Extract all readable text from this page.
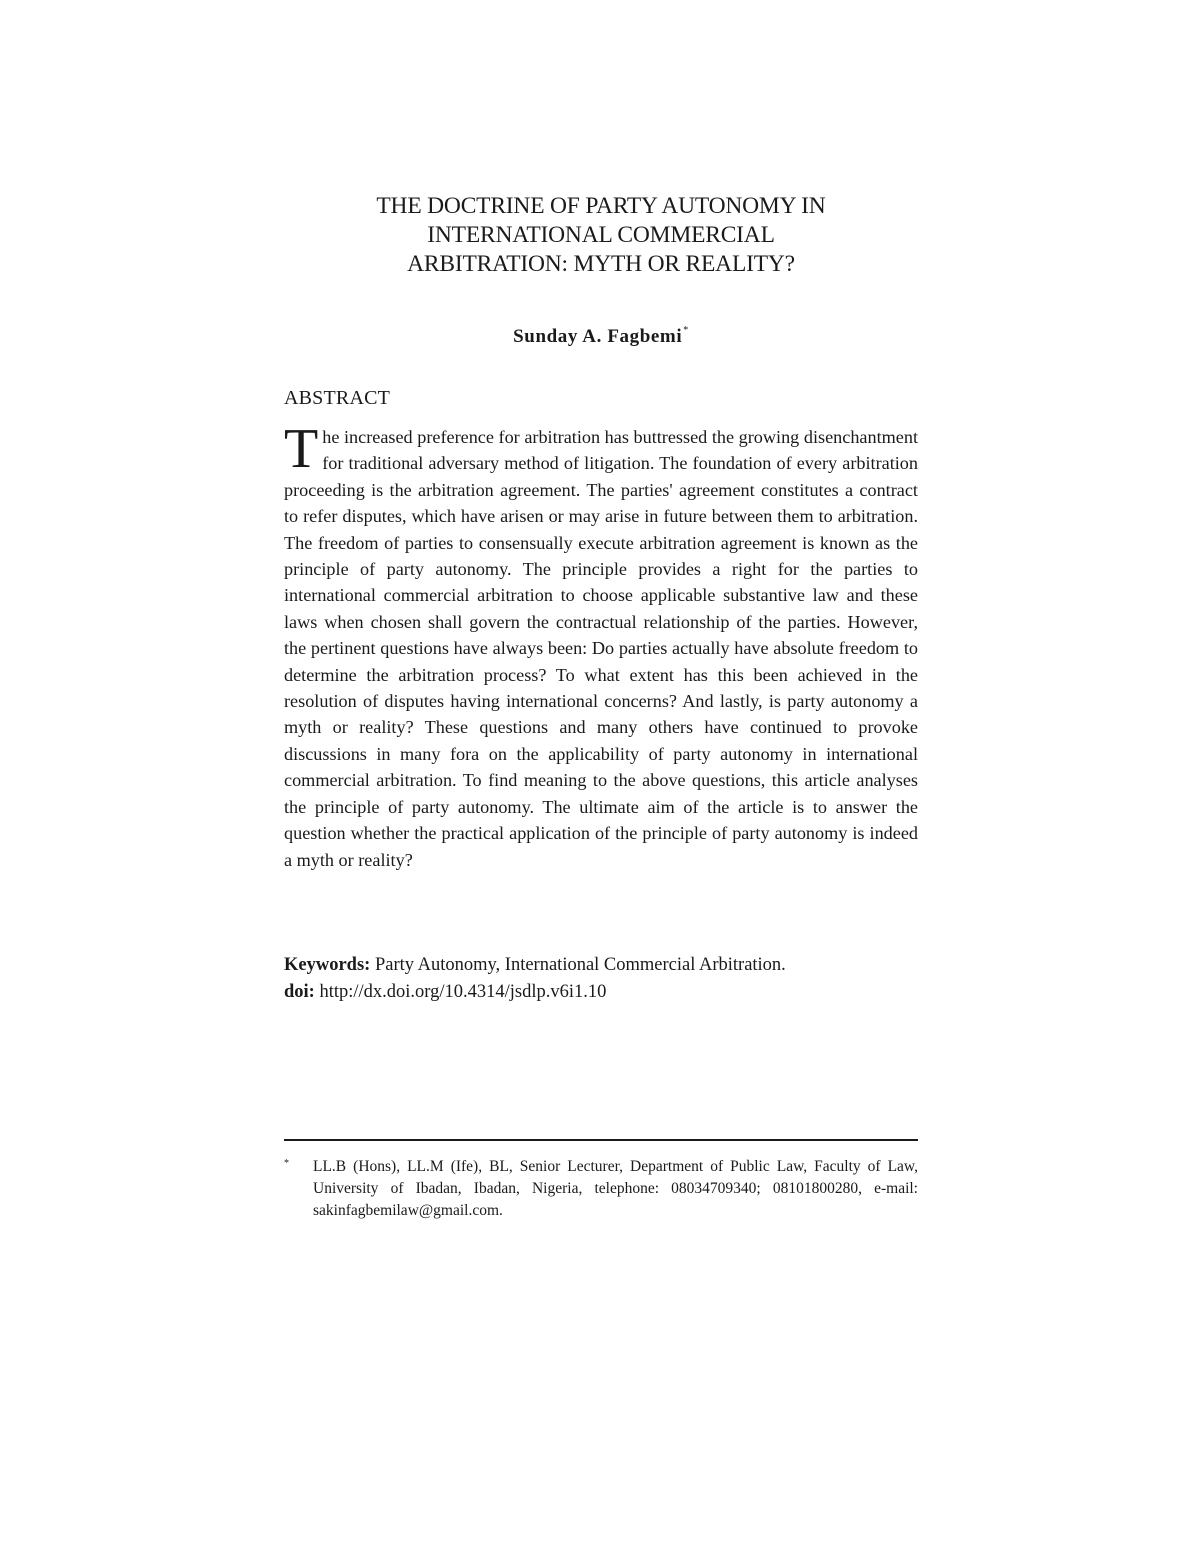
THE DOCTRINE OF PARTY AUTONOMY IN
INTERNATIONAL COMMERCIAL
ARBITRATION: MYTH OR REALITY?

Sunday A. Fagbemi*

ABSTRACT

The increased preference for arbitration has buttressed the growing disenchantment for traditional adversary method of litigation. The foundation of every arbitration proceeding is the arbitration agreement. The parties' agreement constitutes a contract to refer disputes, which have arisen or may arise in future between them to arbitration. The freedom of parties to consensually execute arbitration agreement is known as the principle of party autonomy. The principle provides a right for the parties to international commercial arbitration to choose applicable substantive law and these laws when chosen shall govern the contractual relationship of the parties. However, the pertinent questions have always been: Do parties actually have absolute freedom to determine the arbitration process? To what extent has this been achieved in the resolution of disputes having international concerns? And lastly, is party autonomy a myth or reality? These questions and many others have continued to provoke discussions in many fora on the applicability of party autonomy in international commercial arbitration. To find meaning to the above questions, this article analyses the principle of party autonomy. The ultimate aim of the article is to answer the question whether the practical application of the principle of party autonomy is indeed a myth or reality?

Keywords: Party Autonomy, International Commercial Arbitration.
doi: http://dx.doi.org/10.4314/jsdlp.v6i1.10

* LL.B (Hons), LL.M (Ife), BL, Senior Lecturer, Department of Public Law, Faculty of Law, University of Ibadan, Ibadan, Nigeria, telephone: 08034709340; 08101800280, e-mail: sakinfagbemilaw@gmail.com.
